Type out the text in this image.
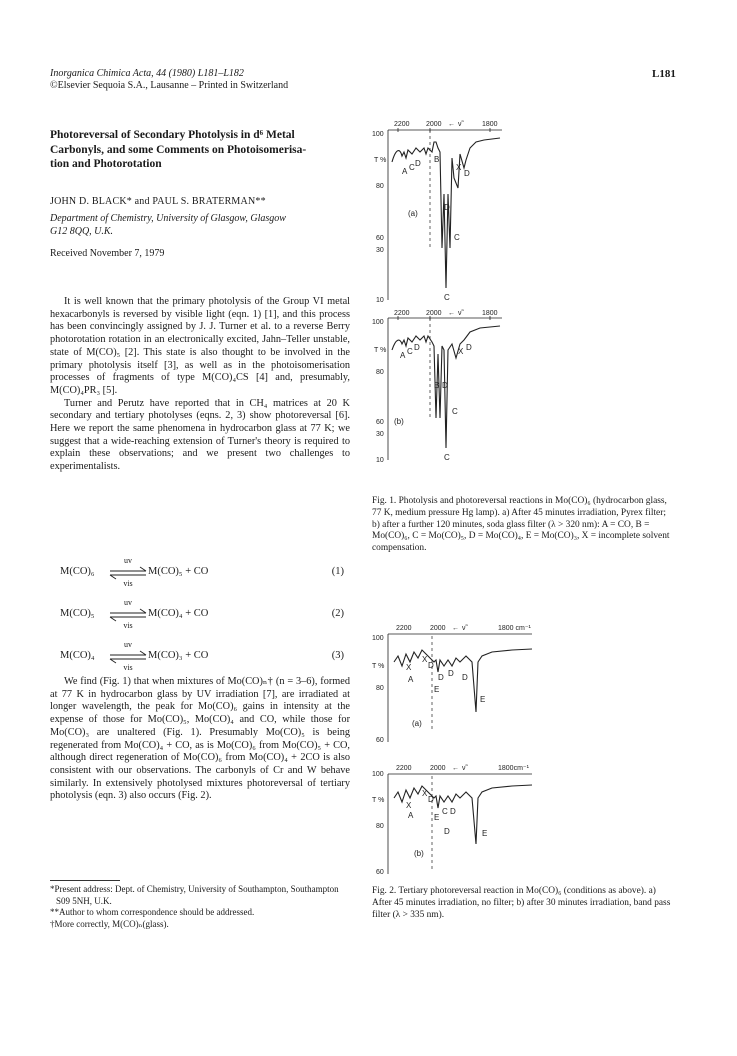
Inorganica Chimica Acta, 44 (1980) L181–L182
©Elsevier Sequoia S.A., Lausanne – Printed in Switzerland
L181
Photoreversal of Secondary Photolysis in d⁶ Metal
Carbonyls, and some Comments on Photoisomerisa-
tion and Photorotation
JOHN D. BLACK* and PAUL S. BRATERMAN**
Department of Chemistry, University of Glasgow, Glasgow
G12 8QQ, U.K.
Received November 7, 1979

It is well known that the primary photolysis of the Group VI metal hexacarbonyls is reversed by visible light (eqn. 1) [1], and this process has been convincingly assigned by J. J. Turner et al. to a reverse Berry photorotation rotation in an electronically excited, Jahn–Teller unstable, state of M(CO)₅ [2]. This state is also thought to be involved in the primary photolysis itself [3], as well as in the photoisomerisation processes of fragments of type M(CO)₄CS [4] and, presumably, M(CO)₄PR₃ [5].

Turner and Perutz have reported that in CH₄ matrices at 20 K secondary and tertiary photolyses (eqns. 2, 3) show photoreversal [6]. Here we report the same phenomena in hydrocarbon glass at 77 K; we suggest that a wide-reaching extension of Turner's theory is required to explain these observations; and we present two challenges to experimentalists.

M(CO)₆
uv
vis
M(CO)₅ + CO	(1)
M(CO)₅
uv
vis
M(CO)₄ + CO	(2)
M(CO)₄
uv
vis
M(CO)₃ + CO	(3)

We find (Fig. 1) that when mixtures of Mo(CO)ₙ† (n = 3–6), formed at 77 K in hydrocarbon glass by UV irradiation [7], are irradiated at longer wavelength, the peak for Mo(CO)₆ gains in intensity at the expense of those for Mo(CO)₅, Mo(CO)₄ and CO, while those for Mo(CO)₃ are unaltered (Fig. 1). Presumably Mo(CO)₅ is being regenerated from Mo(CO)₄ + CO, as is Mo(CO)₆ from Mo(CO)₅ + CO, although direct regeneration of Mo(CO)₆ from Mo(CO)₄ + 2CO is also consistent with our observations. The carbonyls of Cr and W behave similarly. In extensively photolysed mixtures photoreversal of tertiary photolysis (eqn. 3) also occurs (Fig. 2).

*Present address: Dept. of Chemistry, University of Southampton, Southampton S09 5NH, U.K.
**Author to whom correspondence should be addressed.
†More correctly, M(CO)ₙ(glass).
2200 2000 ← ν̃	1800
100
T %
80
60
30
10
(a)
A C D B
X
D
D
C
C
2200 2000 ← ν̃	1800
100
T %
80
60
30
10
(b)
A C D	X D
B D
C
C
Fig. 1. Photolysis and photoreversal reactions in Mo(CO)₆ (hydrocarbon glass, 77 K, medium pressure Hg lamp). a) After 45 minutes irradiation, Pyrex filter; b) after a further 120 minutes, soda glass filter (λ > 320 nm): A = CO, B = Mo(CO)₆, C = Mo(CO)₅, D = Mo(CO)₄, E = Mo(CO)₃, X = incomplete solvent compensation.
2200	2000 ← ν̃	1800 cm⁻¹
100
T %
80
60
(a)
X
X
D
A	D D D
E
E
2200	2000 ← ν̃	1800cm⁻¹
100
T %
80
60
(b)
X
X
D
A	E
C D
D	E
Fig. 2. Tertiary photoreversal reaction in Mo(CO)₆ (conditions as above). a) After 45 minutes irradiation, no filter; b) after 30 minutes irradiation, band pass filter (λ > 335 nm).
